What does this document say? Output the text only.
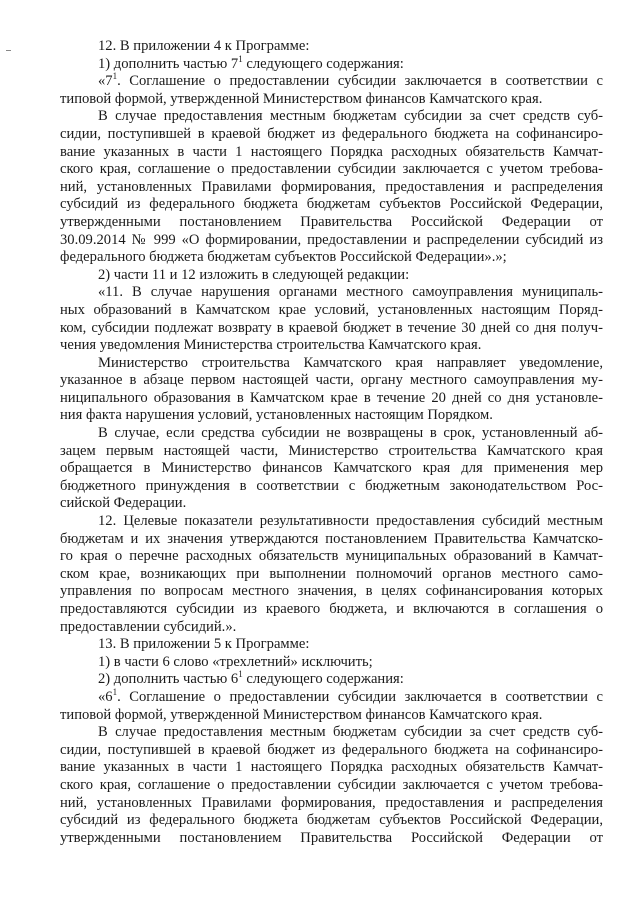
12. В приложении 4 к Программе:
1) дополнить частью $7^1$ следующего содержания:
«$7^1$. Соглашение о предоставлении субсидии заключается в соответствии с
типовой формой, утвержденной Министерством финансов Камчатского края.
В случае предоставления местным бюджетам субсидии за счет средств суб-
сидии, поступившей в краевой бюджет из федерального бюджета на софинансиро-
вание указанных в части 1 настоящего Порядка расходных обязательств Камчат-
ского края, соглашение о предоставлении субсидии заключается с учетом требова-
ний, установленных Правилами формирования, предоставления и распределения
субсидий из федерального бюджета бюджетам субъектов Российской Федерации,
утвержденными постановлением Правительства Российской Федерации от
30.09.2014 № 999 «О формировании, предоставлении и распределении субсидий из
федерального бюджета бюджетам субъектов Российской Федерации».»;
2) части 11 и 12 изложить в следующей редакции:
«11. В случае нарушения органами местного самоуправления муниципаль-
ных образований в Камчатском крае условий, установленных настоящим Поряд-
ком, субсидии подлежат возврату в краевой бюджет в течение 30 дней со дня получ-
чения уведомления Министерства строительства Камчатского края.
Министерство строительства Камчатского края направляет уведомление,
указанное в абзаце первом настоящей части, органу местного самоуправления му-
ниципального образования в Камчатском крае в течение 20 дней со дня установле-
ния факта нарушения условий, установленных настоящим Порядком.
В случае, если средства субсидии не возвращены в срок, установленный аб-
зацем первым настоящей части, Министерство строительства Камчатского края
обращается в Министерство финансов Камчатского края для применения мер
бюджетного принуждения в соответствии с бюджетным законодательством Рос-
сийской Федерации.
12. Целевые показатели результативности предоставления субсидий местным
бюджетам и их значения утверждаются постановлением Правительства Камчатско-
го края о перечне расходных обязательств муниципальных образований в Камчат-
ском крае, возникающих при выполнении полномочий органов местного само-
управления по вопросам местного значения, в целях софинансирования которых
предоставляются субсидии из краевого бюджета, и включаются в соглашения о
предоставлении субсидий.».
13. В приложении 5 к Программе:
1) в части 6 слово «трехлетний» исключить;
2) дополнить частью $6^1$ следующего содержания:
«$6^1$. Соглашение о предоставлении субсидии заключается в соответствии с
типовой формой, утвержденной Министерством финансов Камчатского края.
В случае предоставления местным бюджетам субсидии за счет средств суб-
сидии, поступившей в краевой бюджет из федерального бюджета на софинансиро-
вание указанных в части 1 настоящего Порядка расходных обязательств Камчат-
ского края, соглашение о предоставлении субсидии заключается с учетом требова-
ний, установленных Правилами формирования, предоставления и распределения
субсидий из федерального бюджета бюджетам субъектов Российской Федерации,
утвержденными постановлением Правительства Российской Федерации от
